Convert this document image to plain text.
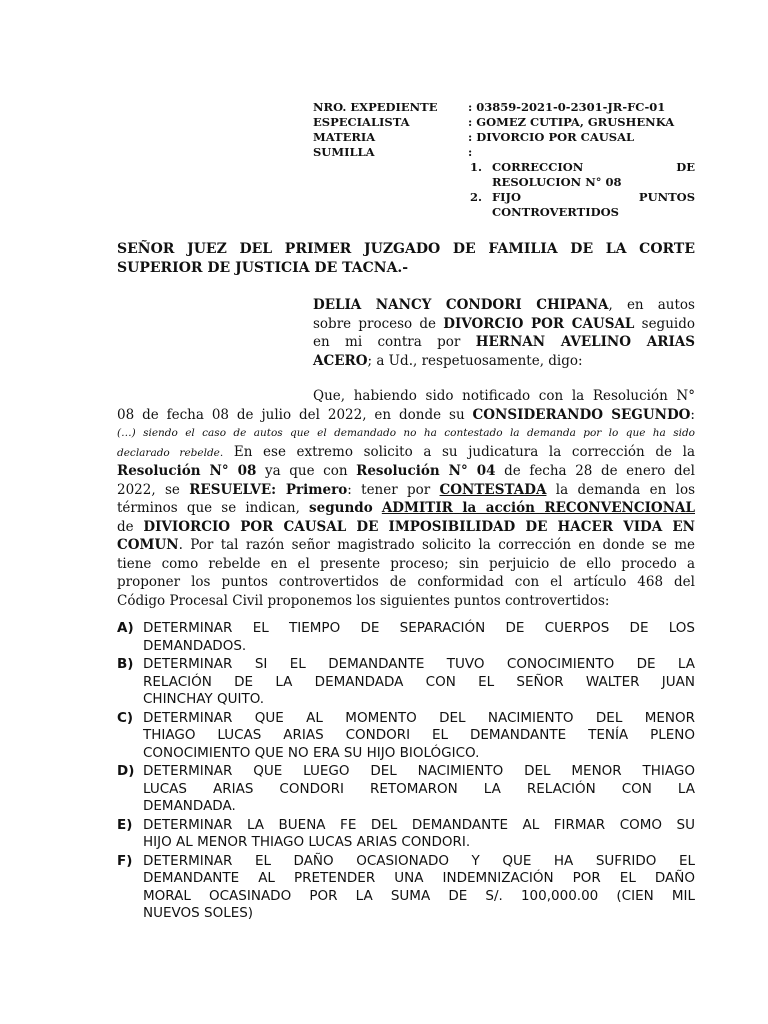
NRO. EXPEDIENTE	: 03859-2021-0-2301-JR-FC-01
ESPECIALISTA	: GOMEZ CUTIPA, GRUSHENKA
MATERIA	: DIVORCIO POR CAUSAL
SUMILLA	:
1. CORRECCION DE
RESOLUCION N° 08
2. FIJO PUNTOS
CONTROVERTIDOS
SEÑOR JUEZ DEL PRIMER JUZGADO DE FAMILIA DE LA CORTE
SUPERIOR DE JUSTICIA DE TACNA.-
DELIA NANCY CONDORI CHIPANA, en autos
sobre proceso de DIVORCIO POR CAUSAL seguido
en mi contra por HERNAN AVELINO ARIAS
ACERO; a Ud., respetuosamente, digo:
Que, habiendo sido notificado con la Resolución N°
08 de fecha 08 de julio del 2022, en donde su CONSIDERANDO SEGUNDO:
(…) siendo el caso de autos que el demandado no ha contestado la demanda por lo que ha sido
declarado rebelde. En ese extremo solicito a su judicatura la corrección de la
Resolución N° 08 ya que con Resolución N° 04 de fecha 28 de enero del
2022, se RESUELVE: Primero: tener por CONTESTADA la demanda en los
términos que se indican, segundo ADMITIR la acción RECONVENCIONAL
de DIVIORCIO POR CAUSAL DE IMPOSIBILIDAD DE HACER VIDA EN
COMUN. Por tal razón señor magistrado solicito la corrección en donde se me
tiene como rebelde en el presente proceso; sin perjuicio de ello procedo a
proponer los puntos controvertidos de conformidad con el artículo 468 del
Código Procesal Civil proponemos los siguientes puntos controvertidos:
A) DETERMINAR EL TIEMPO DE SEPARACIÓN DE CUERPOS DE LOS
DEMANDADOS.
B) DETERMINAR SI EL DEMANDANTE TUVO CONOCIMIENTO DE LA
RELACIÓN DE LA DEMANDADA CON EL SEÑOR WALTER JUAN
CHINCHAY QUITO.
C) DETERMINAR QUE AL MOMENTO DEL NACIMIENTO DEL MENOR
THIAGO LUCAS ARIAS CONDORI EL DEMANDANTE TENÍA PLENO
CONOCIMIENTO QUE NO ERA SU HIJO BIOLÓGICO.
D) DETERMINAR QUE LUEGO DEL NACIMIENTO DEL MENOR THIAGO
LUCAS ARIAS CONDORI RETOMARON LA RELACIÓN CON LA
DEMANDADA.
E) DETERMINAR LA BUENA FE DEL DEMANDANTE AL FIRMAR COMO SU
HIJO AL MENOR THIAGO LUCAS ARIAS CONDORI.
F) DETERMINAR EL DAÑO OCASIONADO Y QUE HA SUFRIDO EL
DEMANDANTE AL PRETENDER UNA INDEMNIZACIÓN POR EL DAÑO
MORAL OCASINADO POR LA SUMA DE S/. 100,000.00 (CIEN MIL
NUEVOS SOLES)
